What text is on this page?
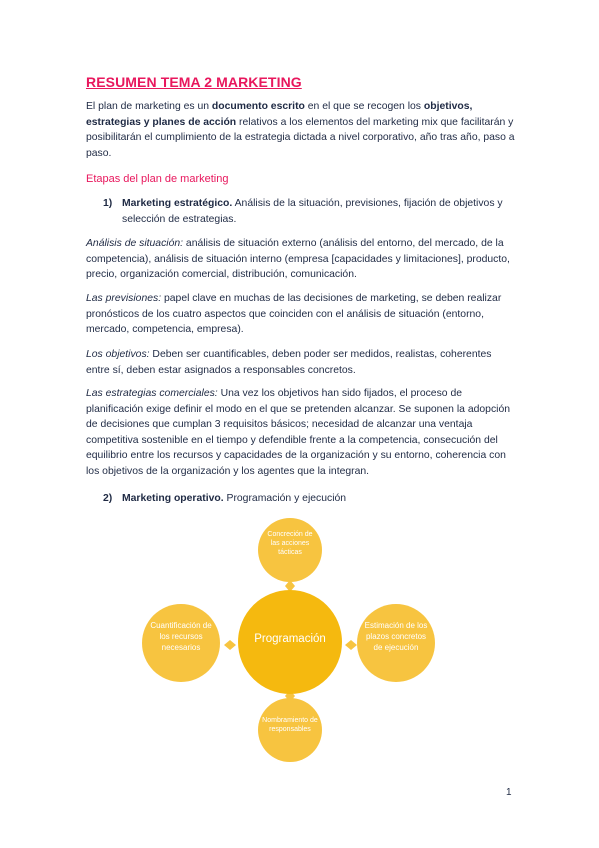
RESUMEN TEMA 2 MARKETING
El plan de marketing es un documento escrito en el que se recogen los objetivos, estrategias y planes de acción relativos a los elementos del marketing mix que facilitarán y posibilitarán el cumplimiento de la estrategia dictada a nivel corporativo, año tras año, paso a paso.
Etapas del plan de marketing
1) Marketing estratégico. Análisis de la situación, previsiones, fijación de objetivos y selección de estrategias.
Análisis de situación: análisis de situación externo (análisis del entorno, del mercado, de la competencia), análisis de situación interno (empresa [capacidades y limitaciones], producto, precio, organización comercial, distribución, comunicación.
Las previsiones: papel clave en muchas de las decisiones de marketing, se deben realizar pronósticos de los cuatro aspectos que coinciden con el análisis de situación (entorno, mercado, competencia, empresa).
Los objetivos: Deben ser cuantificables, deben poder ser medidos, realistas, coherentes entre sí, deben estar asignados a responsables concretos.
Las estrategias comerciales: Una vez los objetivos han sido fijados, el proceso de planificación exige definir el modo en el que se pretenden alcanzar. Se suponen la adopción de decisiones que cumplan 3 requisitos básicos; necesidad de alcanzar una ventaja competitiva sostenible en el tiempo y defendible frente a la competencia, consecución del equilibrio entre los recursos y capacidades de la organización y su entorno, coherencia con los objetivos de la organización y los agentes que la integran.
2) Marketing operativo. Programación y ejecución
Programación
Concreción de las acciones tácticas
Estimación de los plazos concretos de ejecución
Nombramiento de responsables
Cuantificación de los recursos necesarios
1
